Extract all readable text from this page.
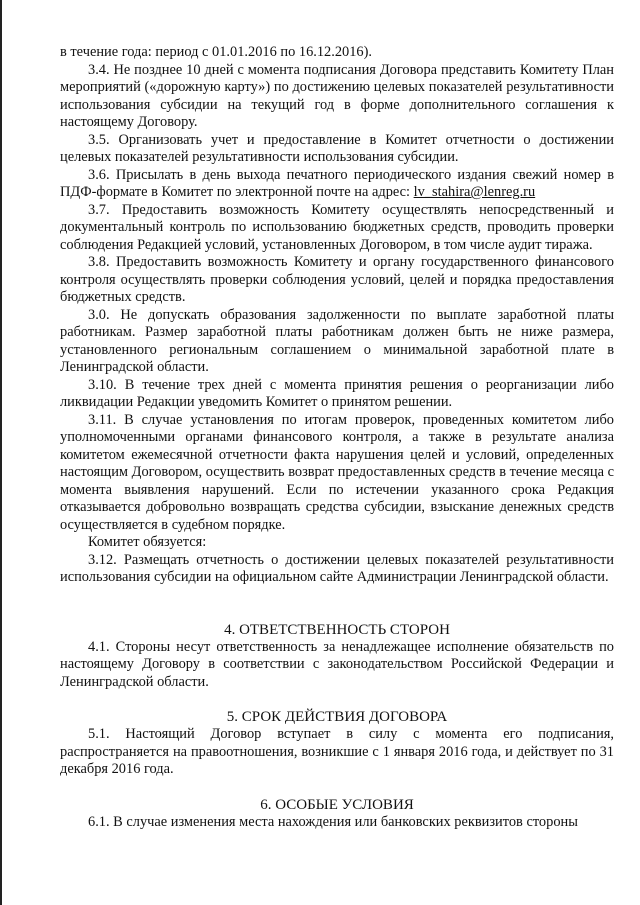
в течение года: период с 01.01.2016 по 16.12.2016).

3.4. Не позднее 10 дней с момента подписания Договора представить Комитету План мероприятий («дорожную карту») по достижению целевых показателей результативности использования субсидии на текущий год в форме дополнительного соглашения к настоящему Договору.

3.5. Организовать учет и предоставление в Комитет отчетности о достижении целевых показателей результативности использования субсидии.

3.6. Присылать в день выхода печатного периодического издания свежий номер в ПДФ-формате в Комитет по электронной почте на адрес: lv_stahira@lenreg.ru

3.7. Предоставить возможность Комитету осуществлять непосредственный и документальный контроль по использованию бюджетных средств, проводить проверки соблюдения Редакцией условий, установленных Договором, в том числе аудит тиража.

3.8. Предоставить возможность Комитету и органу государственного финансового контроля осуществлять проверки соблюдения условий, целей и порядка предоставления бюджетных средств.

3.0. Не допускать образования задолженности по выплате заработной платы работникам. Размер заработной платы работникам должен быть не ниже размера, установленного региональным соглашением о минимальной заработной плате в Ленинградской области.

3.10. В течение трех дней с момента принятия решения о реорганизации либо ликвидации Редакции уведомить Комитет о принятом решении.

3.11. В случае установления по итогам проверок, проведенных комитетом либо уполномоченными органами финансового контроля, а также в результате анализа комитетом ежемесячной отчетности факта нарушения целей и условий, определенных настоящим Договором, осуществить возврат предоставленных средств в течение месяца с момента выявления нарушений. Если по истечении указанного срока Редакция отказывается добровольно возвращать средства субсидии, взыскание денежных средств осуществляется в судебном порядке.

Комитет обязуется:

3.12. Размещать отчетность о достижении целевых показателей результативности использования субсидии на официальном сайте Администрации Ленинградской области.

4. ОТВЕТСТВЕННОСТЬ СТОРОН

4.1. Стороны несут ответственность за ненадлежащее исполнение обязательств по настоящему Договору в соответствии с законодательством Российской Федерации и Ленинградской области.

5. СРОК ДЕЙСТВИЯ ДОГОВОРА

5.1. Настоящий Договор вступает в силу с момента его подписания, распространяется на правоотношения, возникшие с 1 января 2016 года, и действует по 31 декабря 2016 года.

6. ОСОБЫЕ УСЛОВИЯ

6.1. В случае изменения места нахождения или банковских реквизитов стороны
